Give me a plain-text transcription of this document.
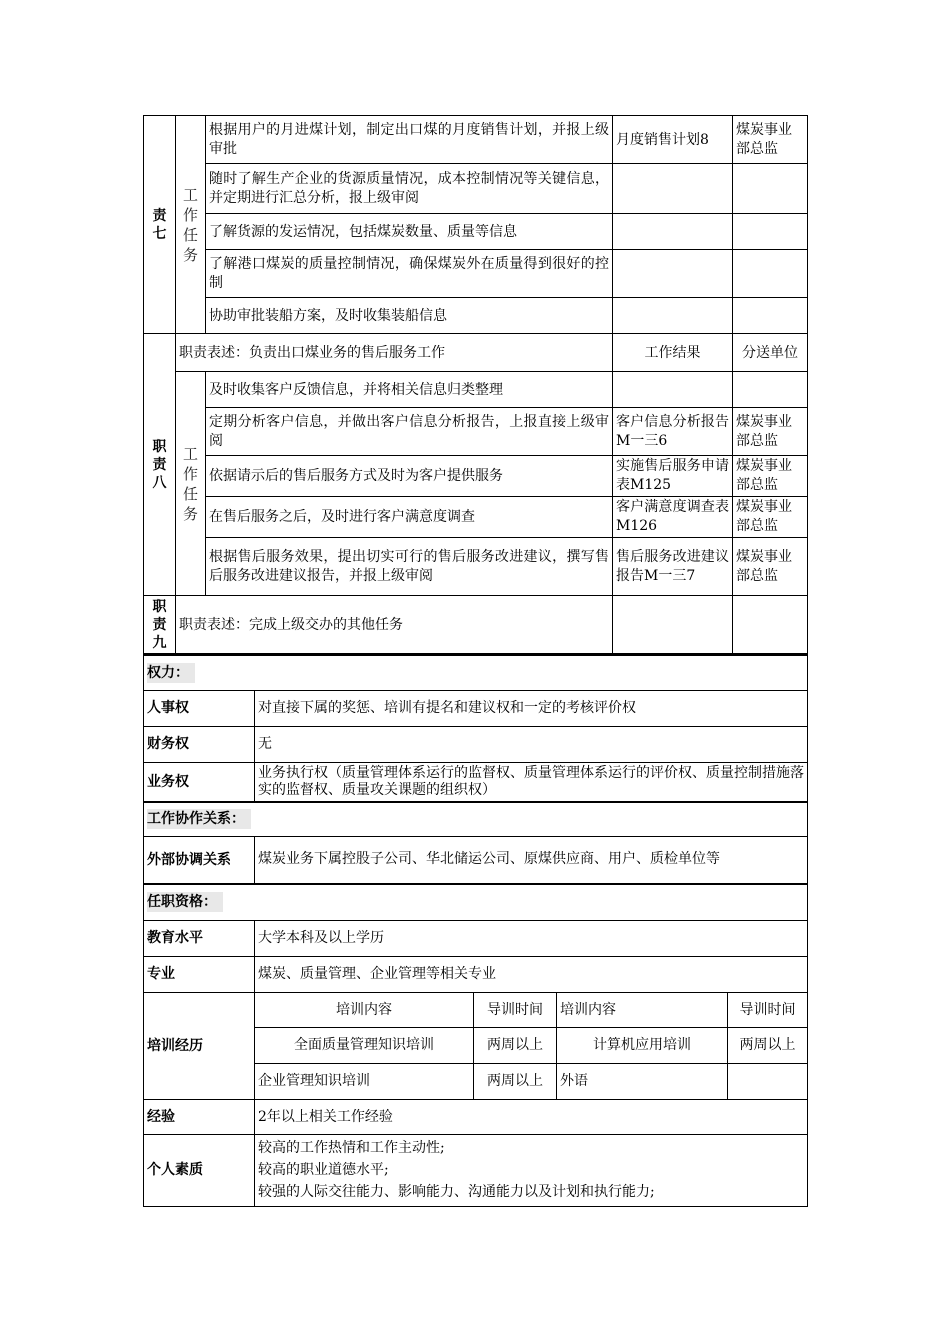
责
七	工
作
任
务	根据用户的月进煤计划，制定出口煤的月度销售计划，并报上级审批	月度销售计划8	煤炭事业部总监
		随时了解生产企业的货源质量情况，成本控制情况等关键信息，并定期进行汇总分析，报上级审阅		
		了解货源的发运情况，包括煤炭数量、质量等信息		
		了解港口煤炭的质量控制情况，确保煤炭外在质量得到很好的控制		
		协助审批装船方案，及时收集装船信息		

职
责
八	职责表述：负责出口煤业务的售后服务工作		工作结果	分送单位

	工
作
任
务	及时收集客户反馈信息，并将相关信息归类整理		
		定期分析客户信息，并做出客户信息分析报告，上报直接上级审阅	客户信息分析报告M一三6	煤炭事业部总监
		依据请示后的售后服务方式及时为客户提供服务	实施售后服务申请表M125	煤炭事业部总监
		在售后服务之后，及时进行客户满意度调查	客户满意度调查表M126	煤炭事业部总监
		根据售后服务效果，提出切实可行的售后服务改进建议，撰写售后服务改进建议报告，并报上级审阅	售后服务改进建议报告M一三7	煤炭事业部总监

职
责
九	职责表述：完成上级交办的其他任务			
权力：				
人事权	对直接下属的奖惩、培训有提名和建议权和一定的考核评价权			
财务权	无			
业务权	业务执行权（质量管理体系运行的监督权、质量管理体系运行的评价权、质量控制措施落实的监督权、质量攻关课题的组织权）			
工作协作关系：				
外部协调关系	煤炭业务下属控股子公司、华北储运公司、原煤供应商、用户、质检单位等			
任职资格：				
教育水平	大学本科及以上学历			
专业	煤炭、质量管理、企业管理等相关专业			
培训经历	培训内容	导训时间	培训内容	导训时间
	全面质量管理知识培训	两周以上	计算机应用培训	两周以上
	企业管理知识培训	两周以上	外语	
经验	2年以上相关工作经验			
个人素质	较高的工作热情和工作主动性;
较高的职业道德水平;
较强的人际交往能力、影响能力、沟通能力以及计划和执行能力;			
